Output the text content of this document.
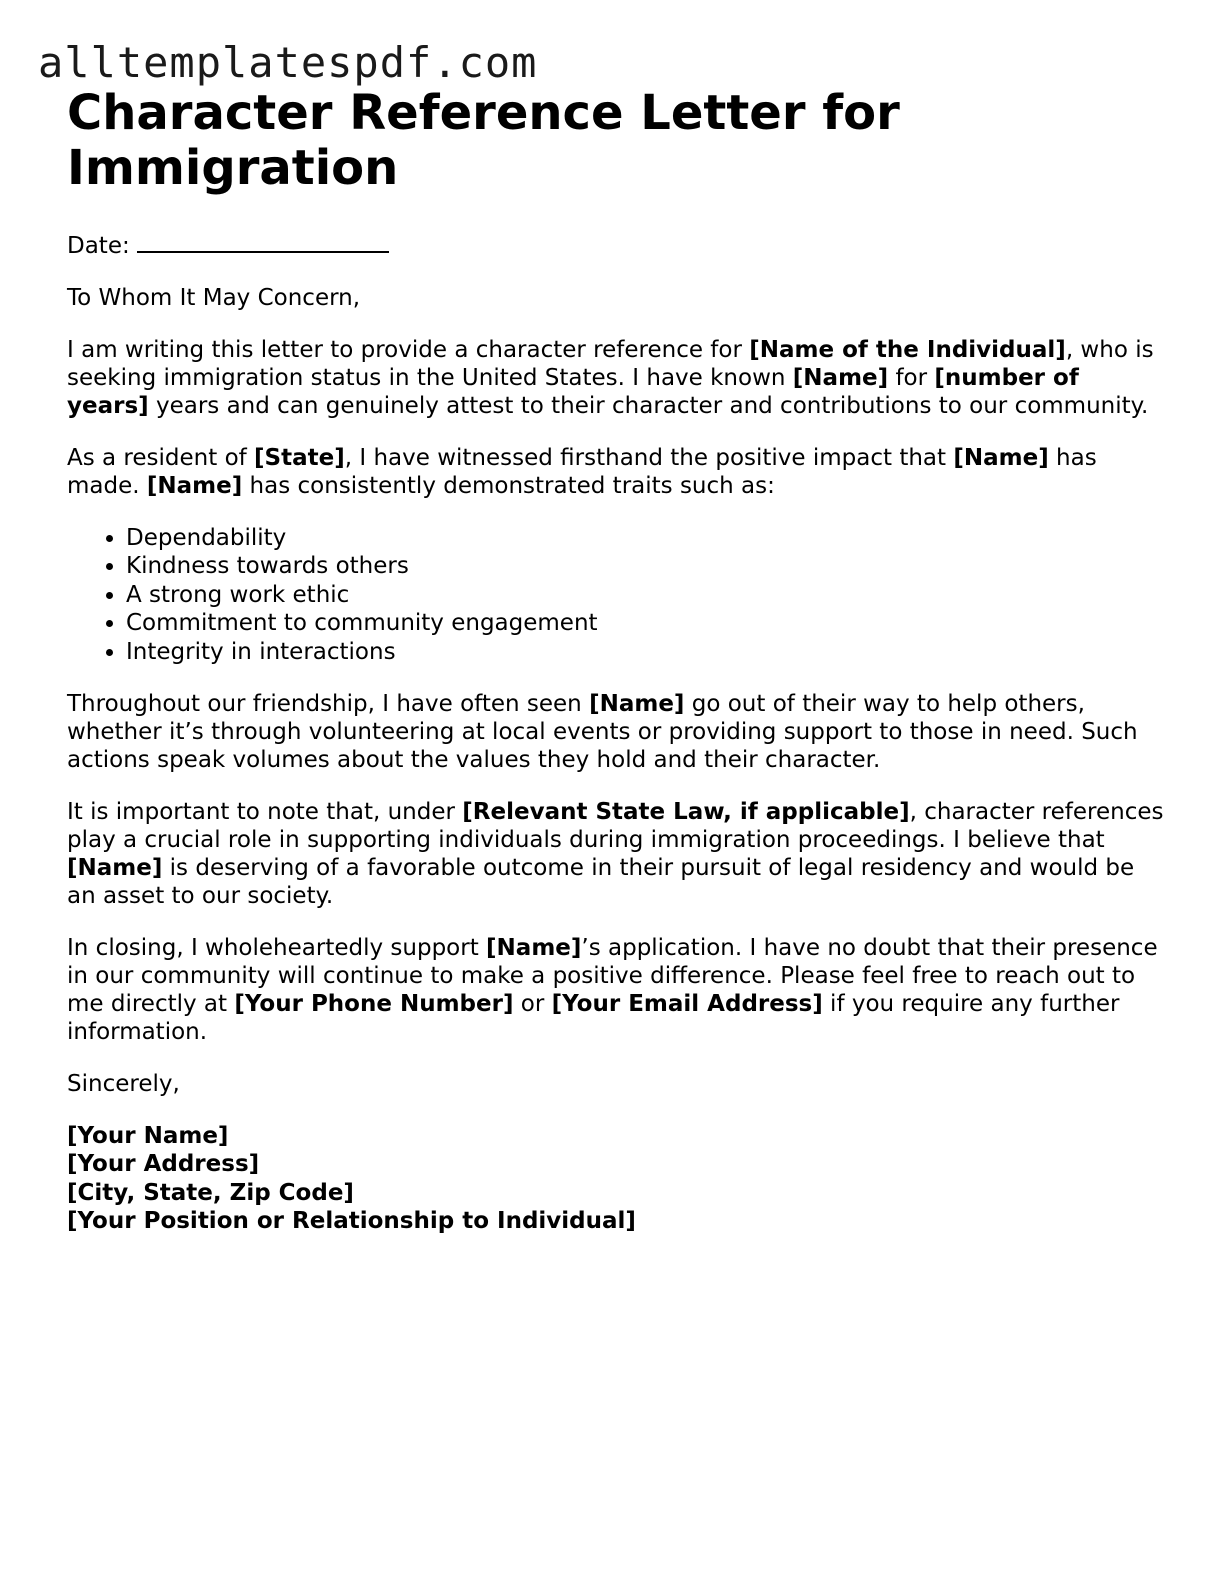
alltemplatespdf.com
Character Reference Letter for
Immigration

Date:

To Whom It May Concern,

I am writing this letter to provide a character reference for [Name of the Individual], who is seeking immigration status in the United States. I have known [Name] for [number of years] years and can genuinely attest to their character and contributions to our community.

As a resident of [State], I have witnessed firsthand the positive impact that [Name] has made. [Name] has consistently demonstrated traits such as:

• Dependability
• Kindness towards others
• A strong work ethic
• Commitment to community engagement
• Integrity in interactions

Throughout our friendship, I have often seen [Name] go out of their way to help others, whether it’s through volunteering at local events or providing support to those in need. Such actions speak volumes about the values they hold and their character.

It is important to note that, under [Relevant State Law, if applicable], character references play a crucial role in supporting individuals during immigration proceedings. I believe that [Name] is deserving of a favorable outcome in their pursuit of legal residency and would be an asset to our society.

In closing, I wholeheartedly support [Name]’s application. I have no doubt that their presence in our community will continue to make a positive difference. Please feel free to reach out to me directly at [Your Phone Number] or [Your Email Address] if you require any further information.

Sincerely,

[Your Name]
[Your Address]
[City, State, Zip Code]
[Your Position or Relationship to Individual]
